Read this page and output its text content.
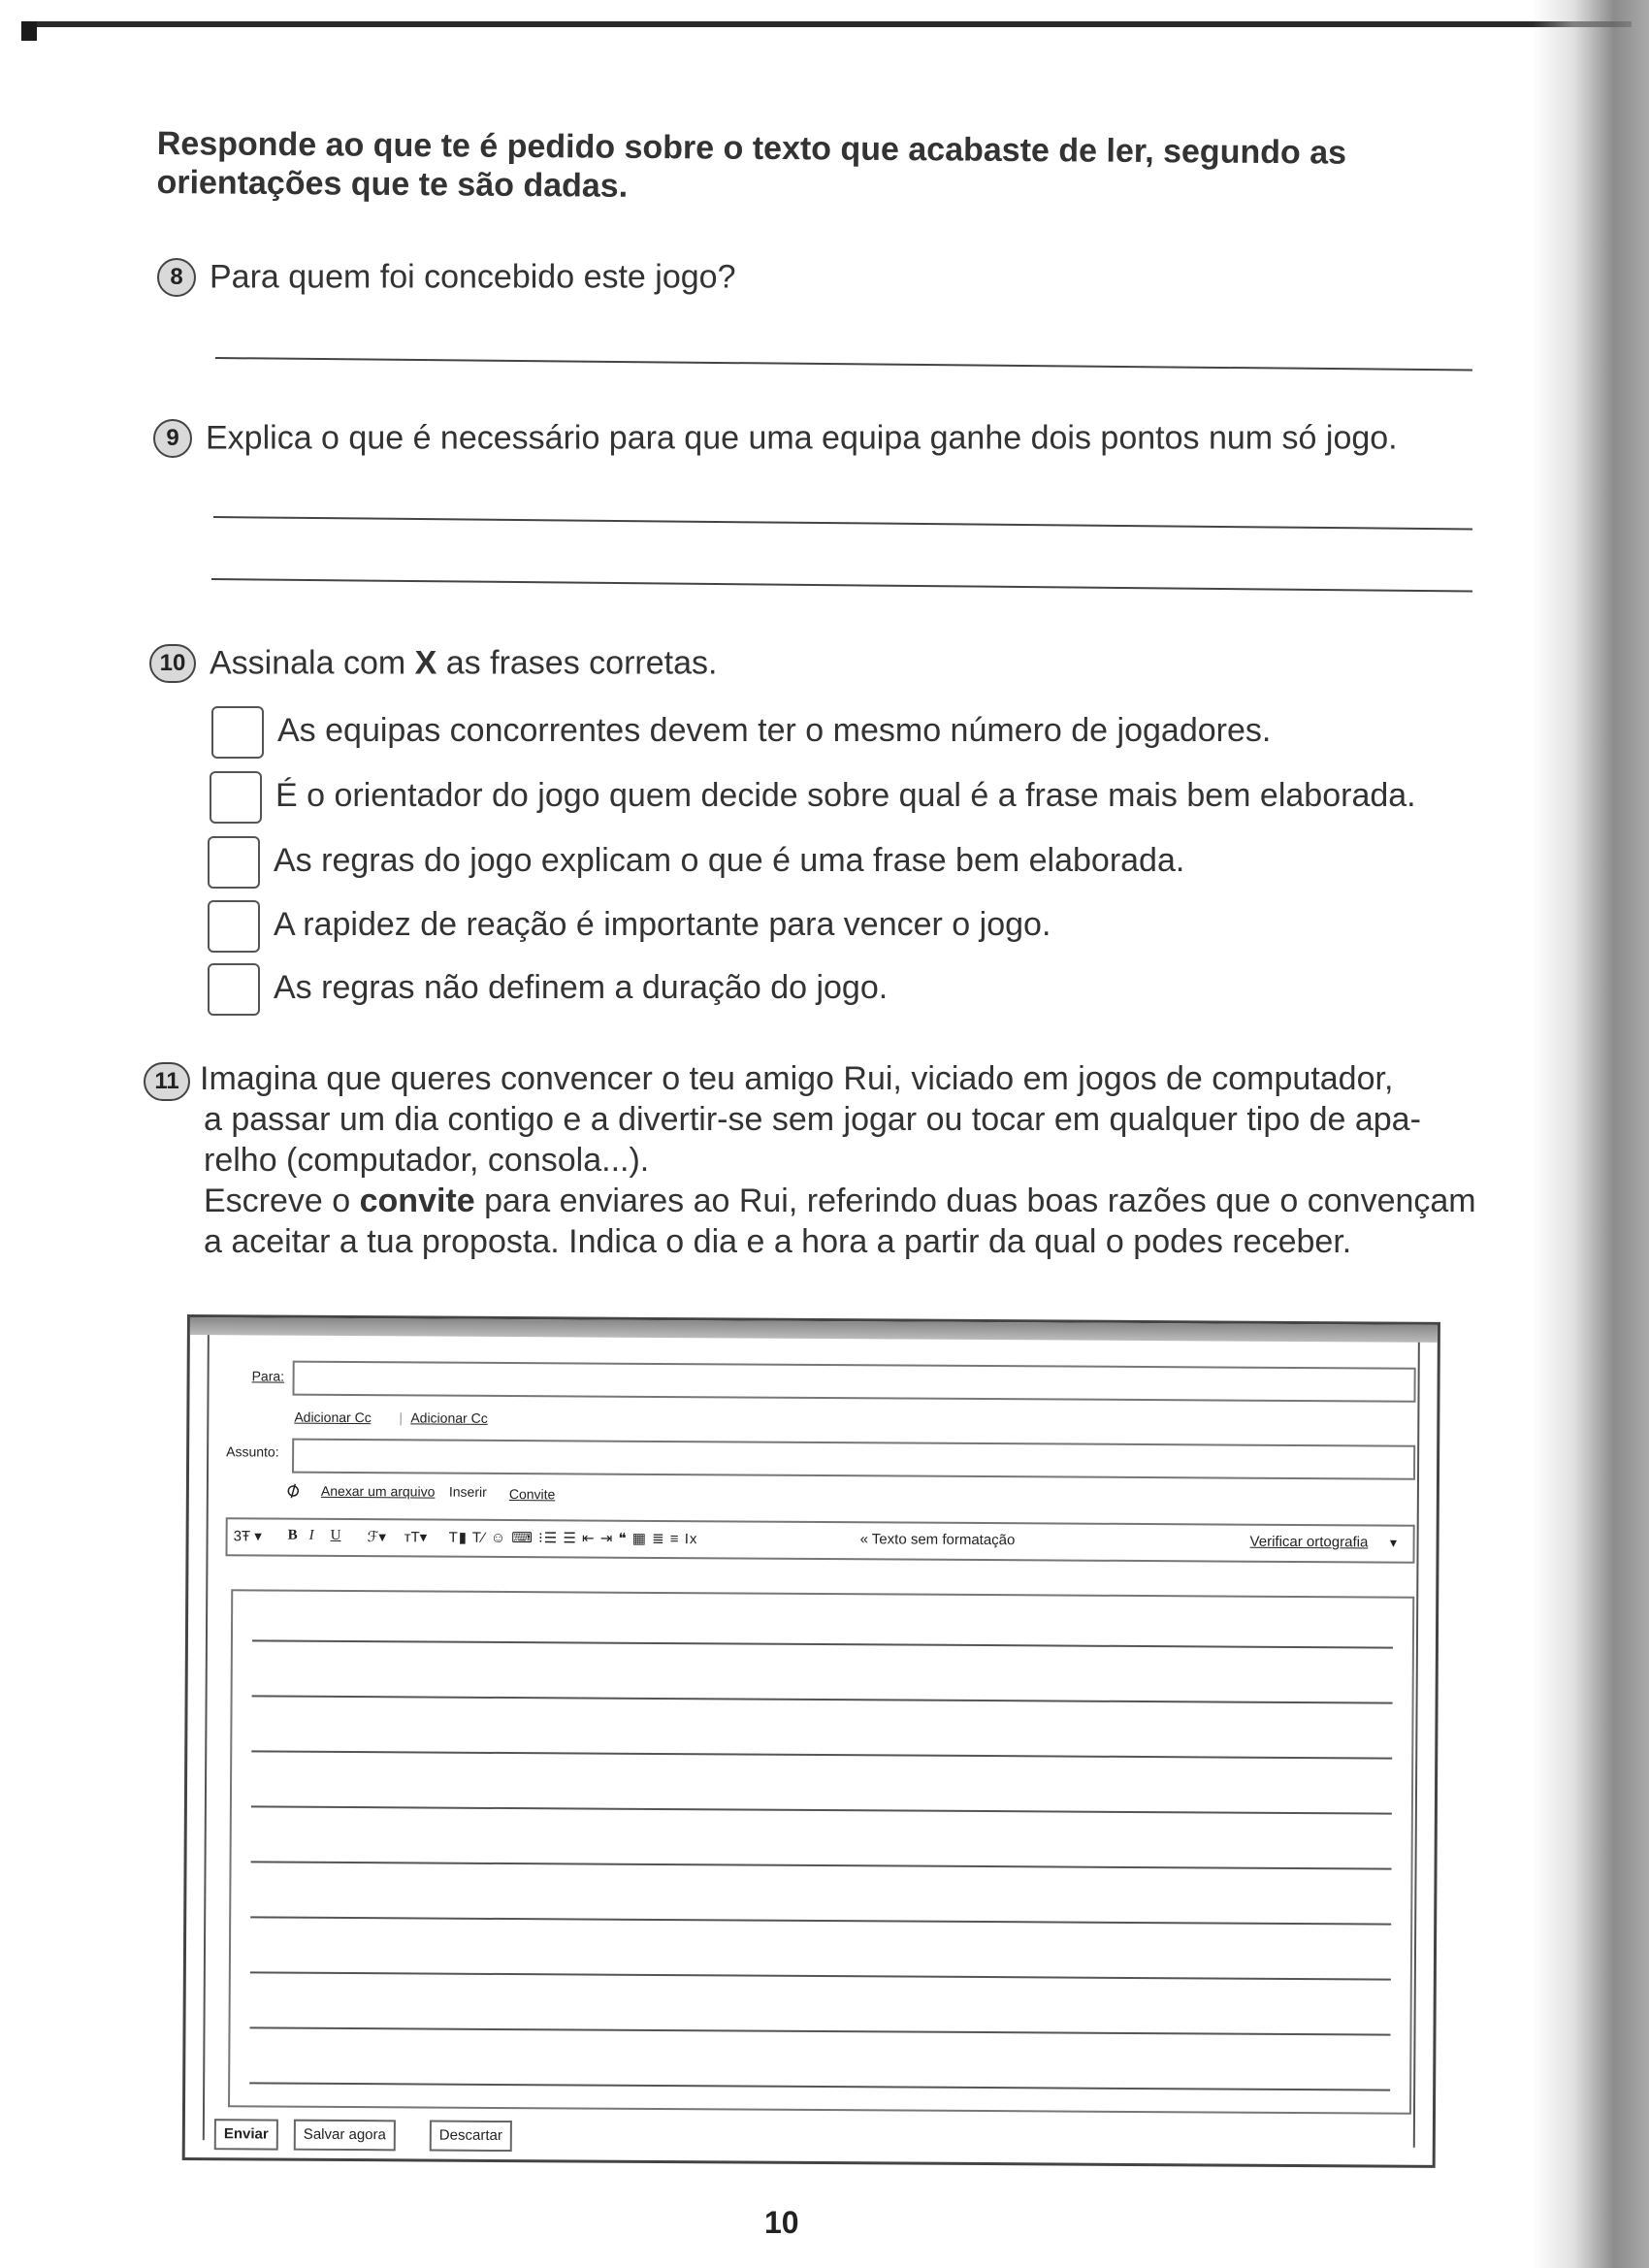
Responde ao que te é pedido sobre o texto que acabaste de ler, segundo as orientações que te são dadas.
8 Para quem foi concebido este jogo?
9 Explica o que é necessário para que uma equipa ganhe dois pontos num só jogo.
10 Assinala com X as frases corretas.
As equipas concorrentes devem ter o mesmo número de jogadores.
É o orientador do jogo quem decide sobre qual é a frase mais bem elaborada.
As regras do jogo explicam o que é uma frase bem elaborada.
A rapidez de reação é importante para vencer o jogo.
As regras não definem a duração do jogo.
11 Imagina que queres convencer o teu amigo Rui, viciado em jogos de computador,
a passar um dia contigo e a divertir-se sem jogar ou tocar em qualquer tipo de apa-
relho (computador, consola...).
Escreve o convite para enviares ao Rui, referindo duas boas razões que o convençam
a aceitar a tua proposta. Indica o dia e a hora a partir da qual o podes receber.
Para:
Adicionar Cc | Adicionar Cc
Assunto:
⌀ Anexar um arquivo Inserir Convite
3Ŧ ▾ B I U ℱ▾ ᴛT▾ T▮ T⁄ ☺ ⌨ ⁝☰ ☰ ⇤ ⇥ ❝ ▦ ≣ ≡ Ix	« Texto sem formatação	Verificar ortografia ▼
Enviar	Salvar agora	Descartar
10
